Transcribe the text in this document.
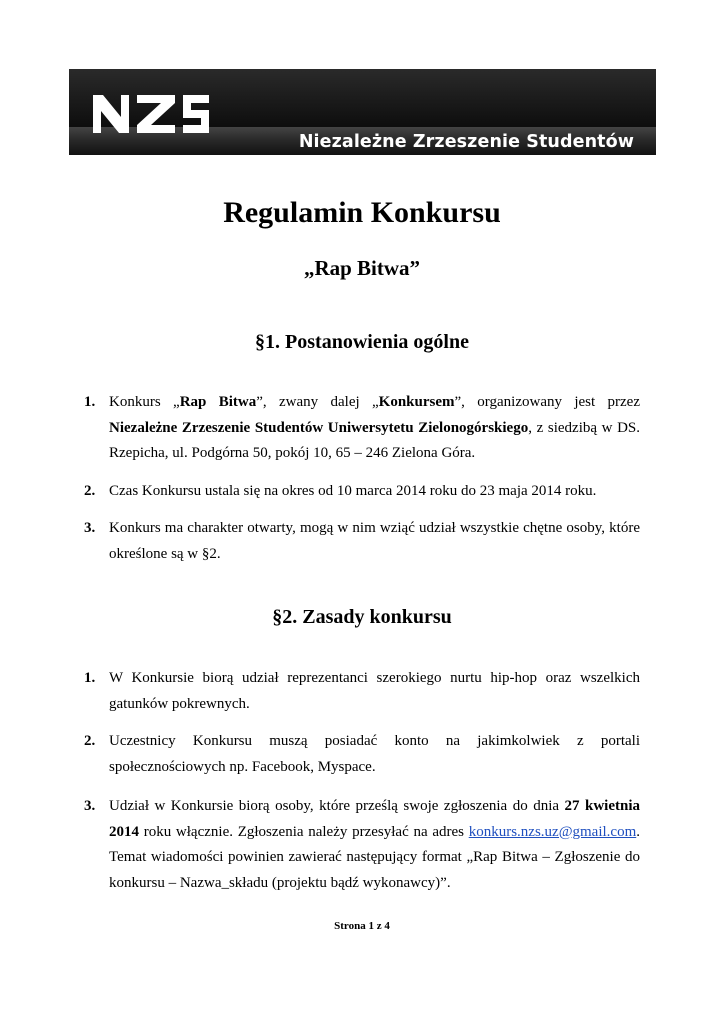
Niezależne Zrzeszenie Studentów
Regulamin Konkursu
„Rap Bitwa”
§1. Postanowienia ogólne
1. Konkurs „Rap Bitwa”, zwany dalej „Konkursem”, organizowany jest przez Niezależne Zrzeszenie Studentów Uniwersytetu Zielonogórskiego, z siedzibą w DS. Rzepicha, ul. Podgórna 50, pokój 10, 65 – 246 Zielona Góra.
2. Czas Konkursu ustala się na okres od 10 marca 2014 roku do 23 maja 2014 roku.
3. Konkurs ma charakter otwarty, mogą w nim wziąć udział wszystkie chętne osoby, które określone są w §2.
§2. Zasady konkursu
1. W Konkursie biorą udział reprezentanci szerokiego nurtu hip-hop oraz wszelkich gatunków pokrewnych.
2. Uczestnicy Konkursu muszą posiadać konto na jakimkolwiek z portali społecznościowych np. Facebook, Myspace.
3. Udział w Konkursie biorą osoby, które prześlą swoje zgłoszenia do dnia 27 kwietnia 2014 roku włącznie. Zgłoszenia należy przesyłać na adres konkurs.nzs.uz@gmail.com. Temat wiadomości powinien zawierać następujący format „Rap Bitwa – Zgłoszenie do konkursu – Nazwa_składu (projektu bądź wykonawcy)”.
Strona 1 z 4
